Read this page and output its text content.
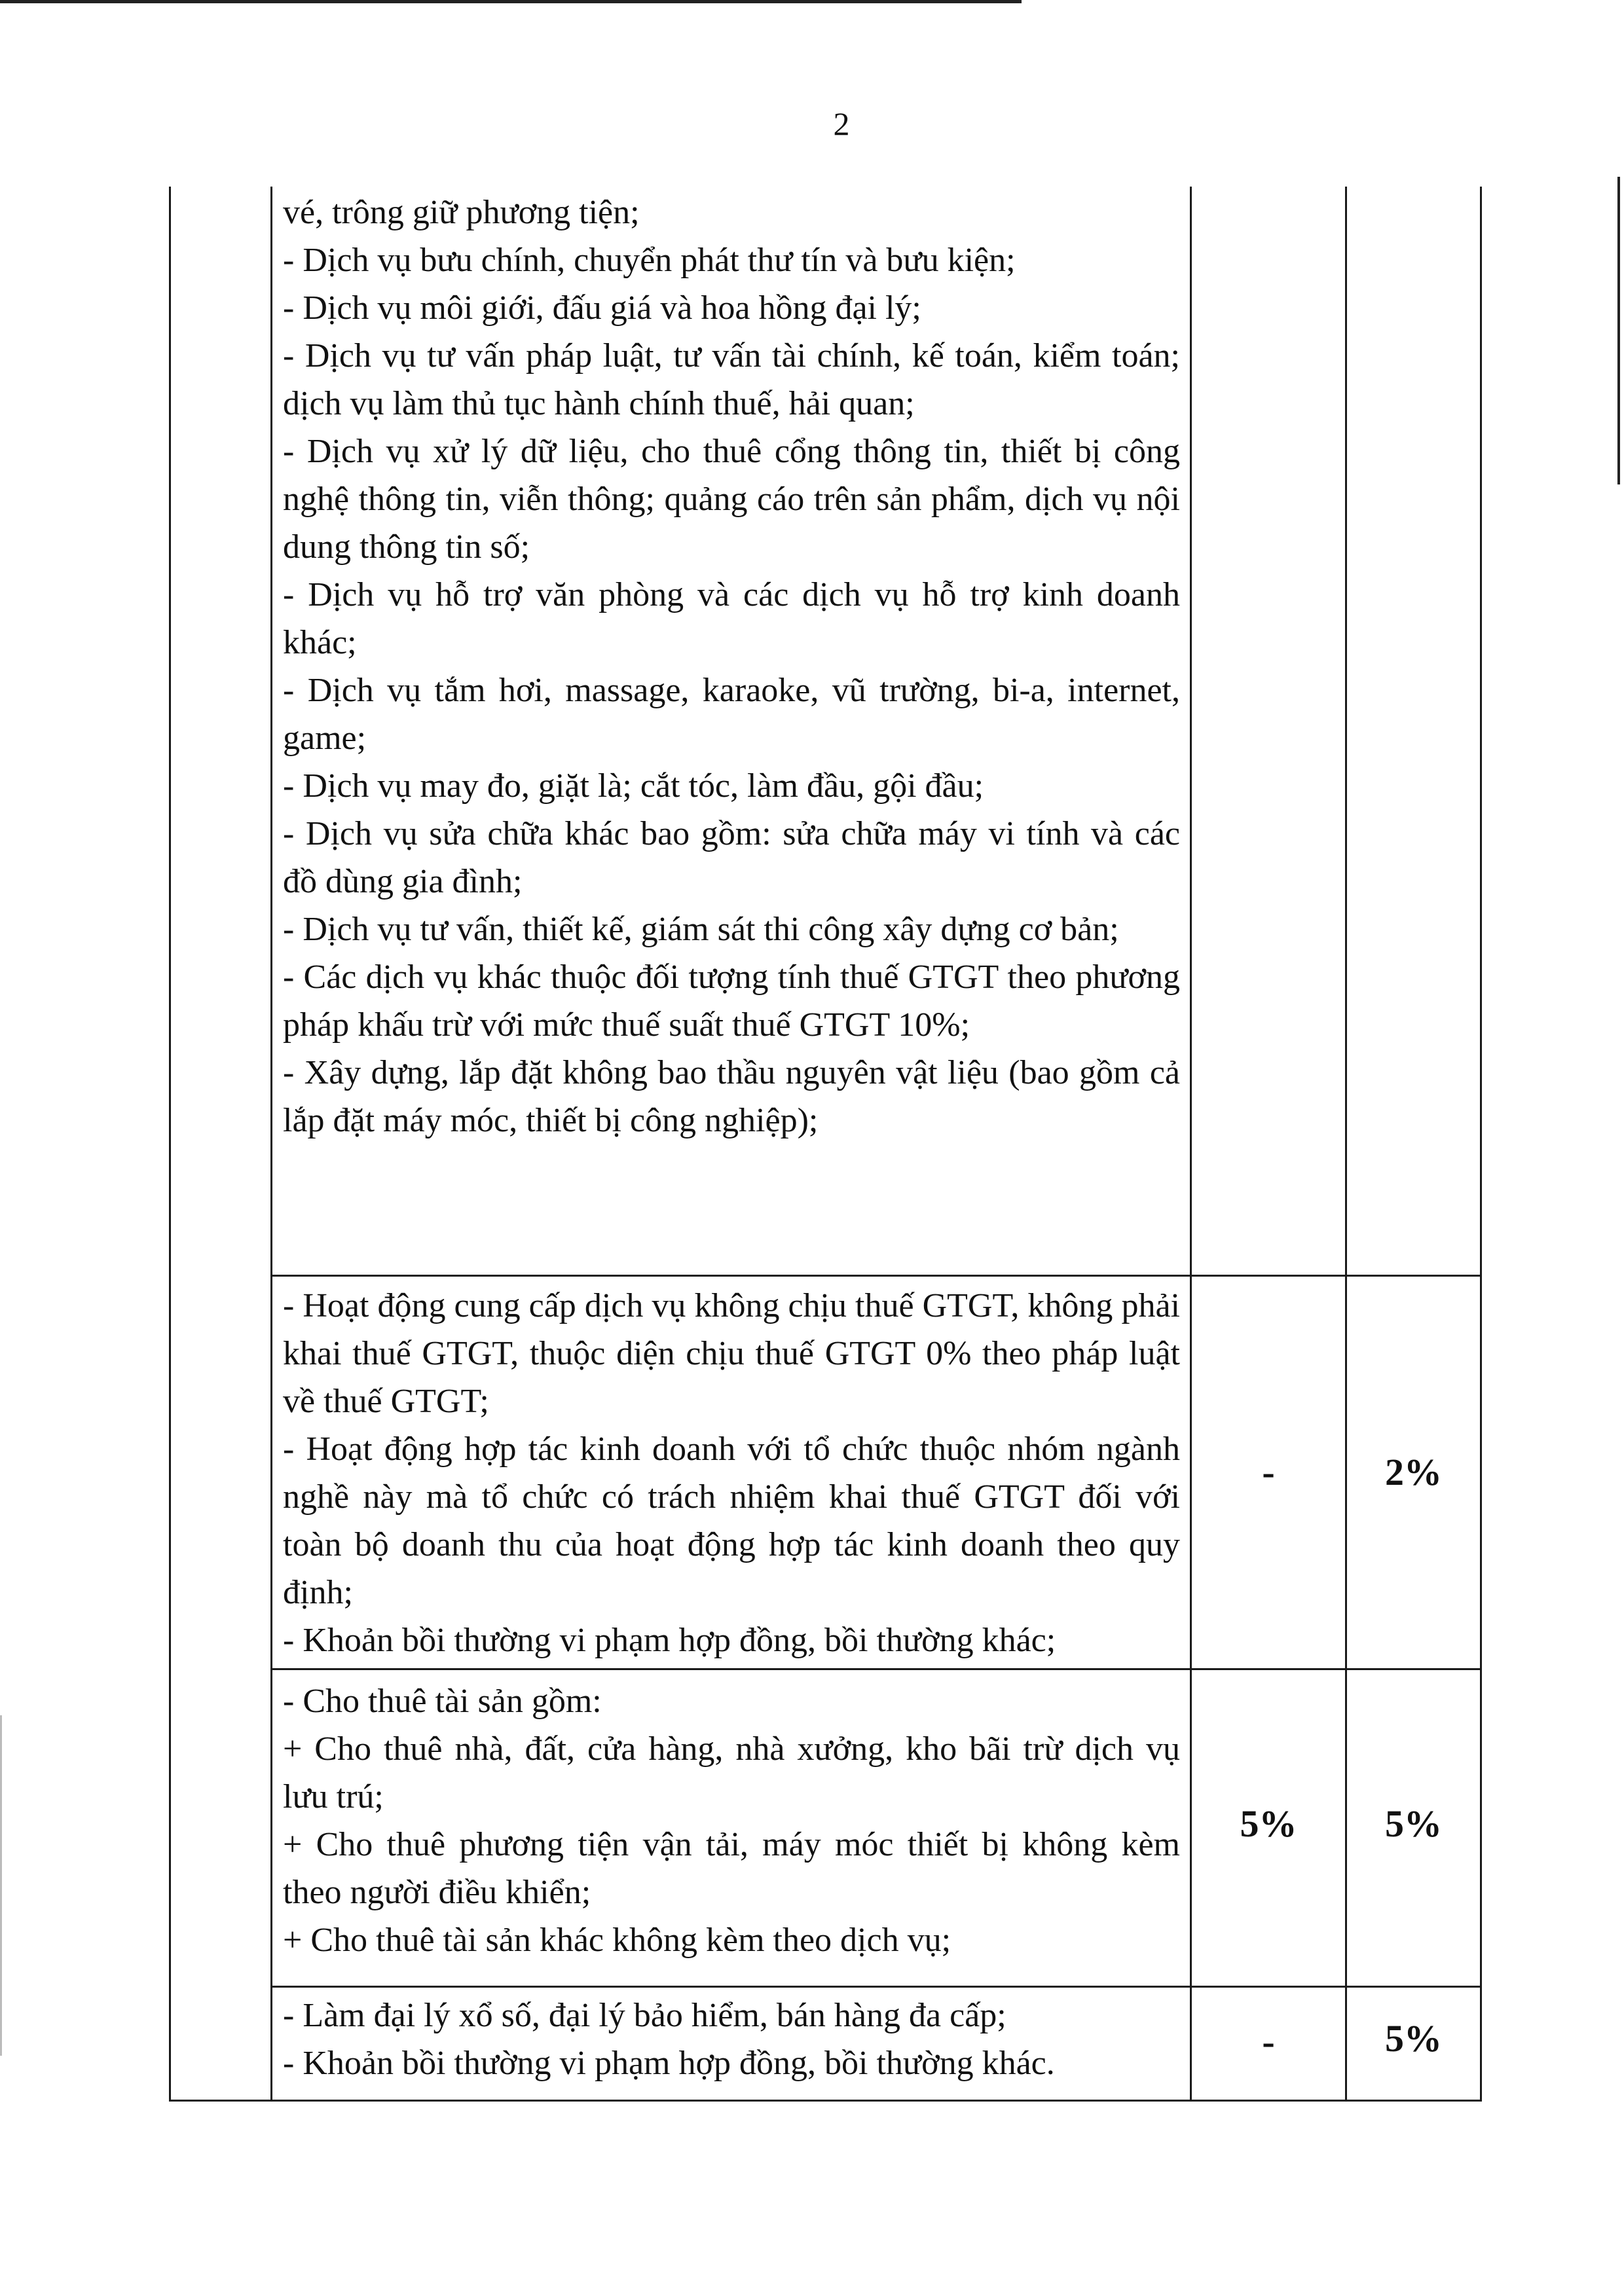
2

vé, trông giữ phương tiện;

- Dịch vụ bưu chính, chuyển phát thư tín và bưu kiện;

- Dịch vụ môi giới, đấu giá và hoa hồng đại lý;

- Dịch vụ tư vấn pháp luật, tư vấn tài chính, kế toán, kiểm toán; dịch vụ làm thủ tục hành chính thuế, hải quan;

- Dịch vụ xử lý dữ liệu, cho thuê cổng thông tin, thiết bị công nghệ thông tin, viễn thông; quảng cáo trên sản phẩm, dịch vụ nội dung thông tin số;

- Dịch vụ hỗ trợ văn phòng và các dịch vụ hỗ trợ kinh doanh khác;

- Dịch vụ tắm hơi, massage, karaoke, vũ trường, bi-a, internet, game;

- Dịch vụ may đo, giặt là; cắt tóc, làm đầu, gội đầu;

- Dịch vụ sửa chữa khác bao gồm: sửa chữa máy vi tính và các đồ dùng gia đình;

- Dịch vụ tư vấn, thiết kế, giám sát thi công xây dựng cơ bản;

- Các dịch vụ khác thuộc đối tượng tính thuế GTGT theo phương pháp khấu trừ với mức thuế suất thuế GTGT 10%;

- Xây dựng, lắp đặt không bao thầu nguyên vật liệu (bao gồm cả lắp đặt máy móc, thiết bị công nghiệp);

- Hoạt động cung cấp dịch vụ không chịu thuế GTGT, không phải khai thuế GTGT, thuộc diện chịu thuế GTGT 0% theo pháp luật về thuế GTGT;

- Hoạt động hợp tác kinh doanh với tổ chức thuộc nhóm ngành nghề này mà tổ chức có trách nhiệm khai thuế GTGT đối với toàn bộ doanh thu của hoạt động hợp tác kinh doanh theo quy định;

- Khoản bồi thường vi phạm hợp đồng, bồi thường khác;

-	2%

- Cho thuê tài sản gồm:

+ Cho thuê nhà, đất, cửa hàng, nhà xưởng, kho bãi trừ dịch vụ lưu trú;

+ Cho thuê phương tiện vận tải, máy móc thiết bị không kèm theo người điều khiển;

+ Cho thuê tài sản khác không kèm theo dịch vụ;

5%	5%

- Làm đại lý xổ số, đại lý bảo hiểm, bán hàng đa cấp;

- Khoản bồi thường vi phạm hợp đồng, bồi thường khác.

-	5%
